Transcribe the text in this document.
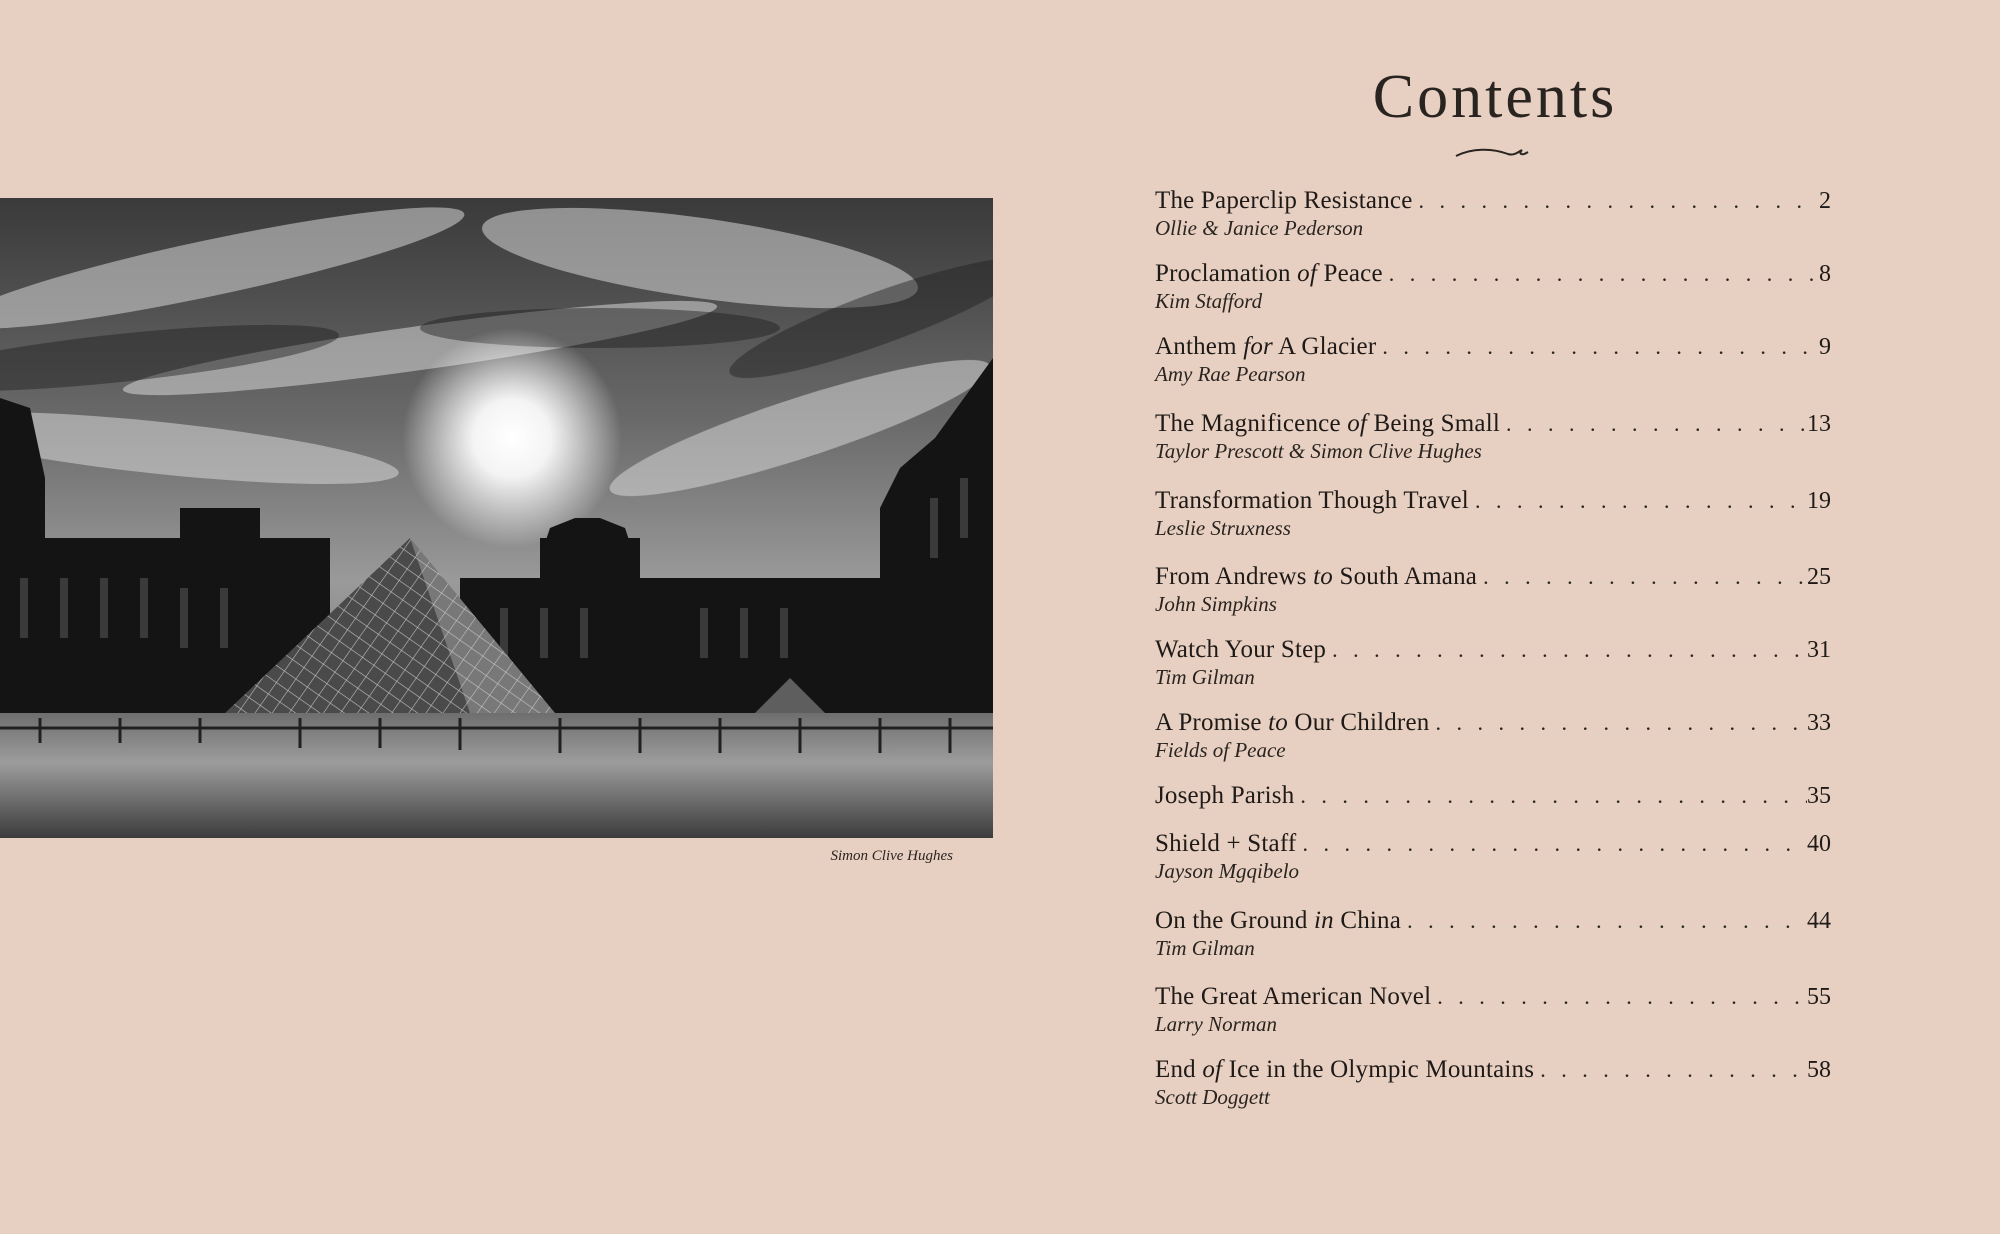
Simon Clive Hughes
Contents
The Paperclip Resistance . . .	2
Ollie & Janice Pederson
Proclamation of Peace . . .	8
Kim Stafford
Anthem for A Glacier . . .	9
Amy Rae Pearson
The Magnificence of Being Small . . .	13
Taylor Prescott & Simon Clive Hughes
Transformation Though Travel . . .	19
Leslie Struxness
From Andrews to South Amana . . .	25
John Simpkins
Watch Your Step . . .	31
Tim Gilman
A Promise to Our Children . . .	33
Fields of Peace
Joseph Parish . . .	35
Shield + Staff . . .	40
Jayson Mgqibelo
On the Ground in China . . .	44
Tim Gilman
The Great American Novel . . .	55
Larry Norman
End of Ice in the Olympic Mountains . . .	58
Scott Doggett
